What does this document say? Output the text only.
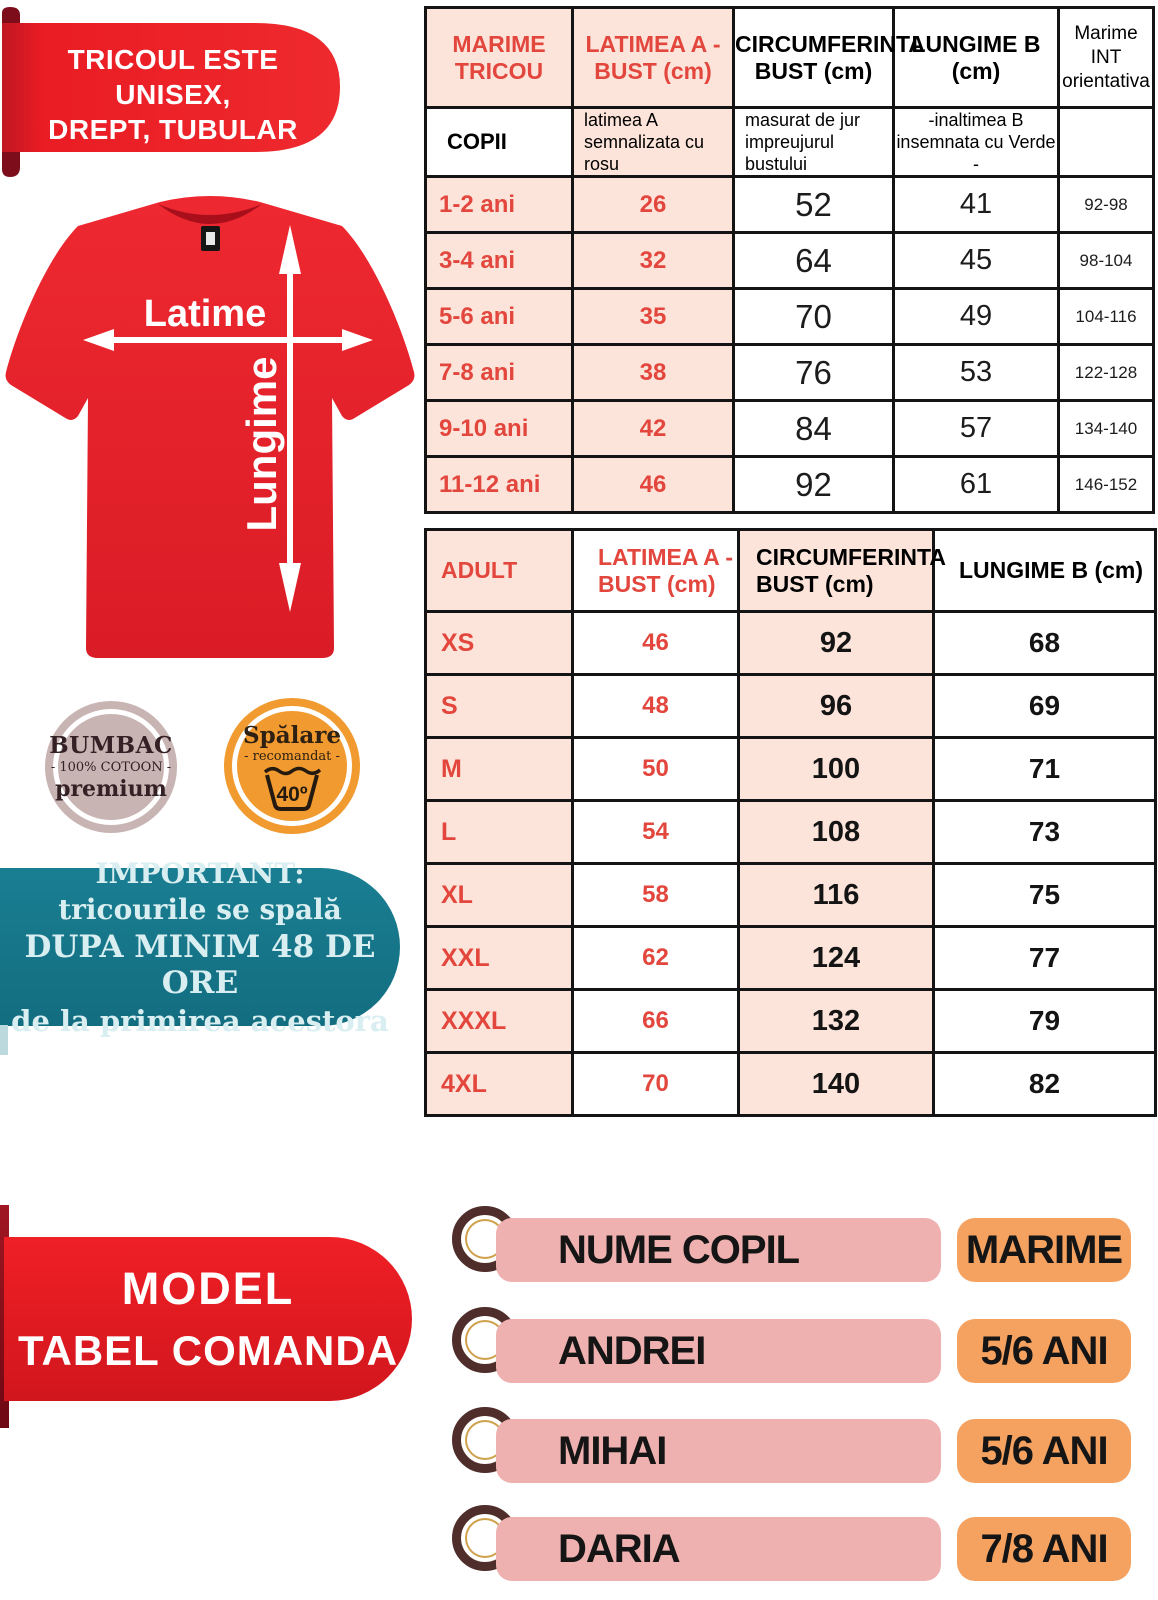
TRICOUL ESTE
UNISEX,
DREPT, TUBULAR
Latime
Lungime
BUMBAC
- 100% COTOON -
premium
Spălare
- recomandat -
40º
IMPORTANT:
tricourile se spală
DUPA MINIM 48 DE ORE
de la primirea acestora
MARIME TRICOU	LATIMEA A - BUST (cm)	CIRCUMFERINTA BUST (cm)	LUNGIME B (cm)	Marime INT orientativa
COPII	latimea A semnalizata cu rosu	masurat de jur impreujurul bustului	-inaltimea B insemnata cu Verde -	
1-2 ani	26	52	41	92-98
3-4 ani	32	64	45	98-104
5-6 ani	35	70	49	104-116
7-8 ani	38	76	53	122-128
9-10 ani	42	84	57	134-140
11-12 ani	46	92	61	146-152
ADULT	LATIMEA A - BUST (cm)	CIRCUMFERINTA BUST (cm)	LUNGIME B (cm)
XS	46	92	68
S	48	96	69
M	50	100	71
L	54	108	73
XL	58	116	75
XXL	62	124	77
XXXL	66	132	79
4XL	70	140	82
MODEL
TABEL COMANDA
NUME COPIL	MARIME
ANDREI	5/6 ANI
MIHAI	5/6 ANI
DARIA	7/8 ANI
